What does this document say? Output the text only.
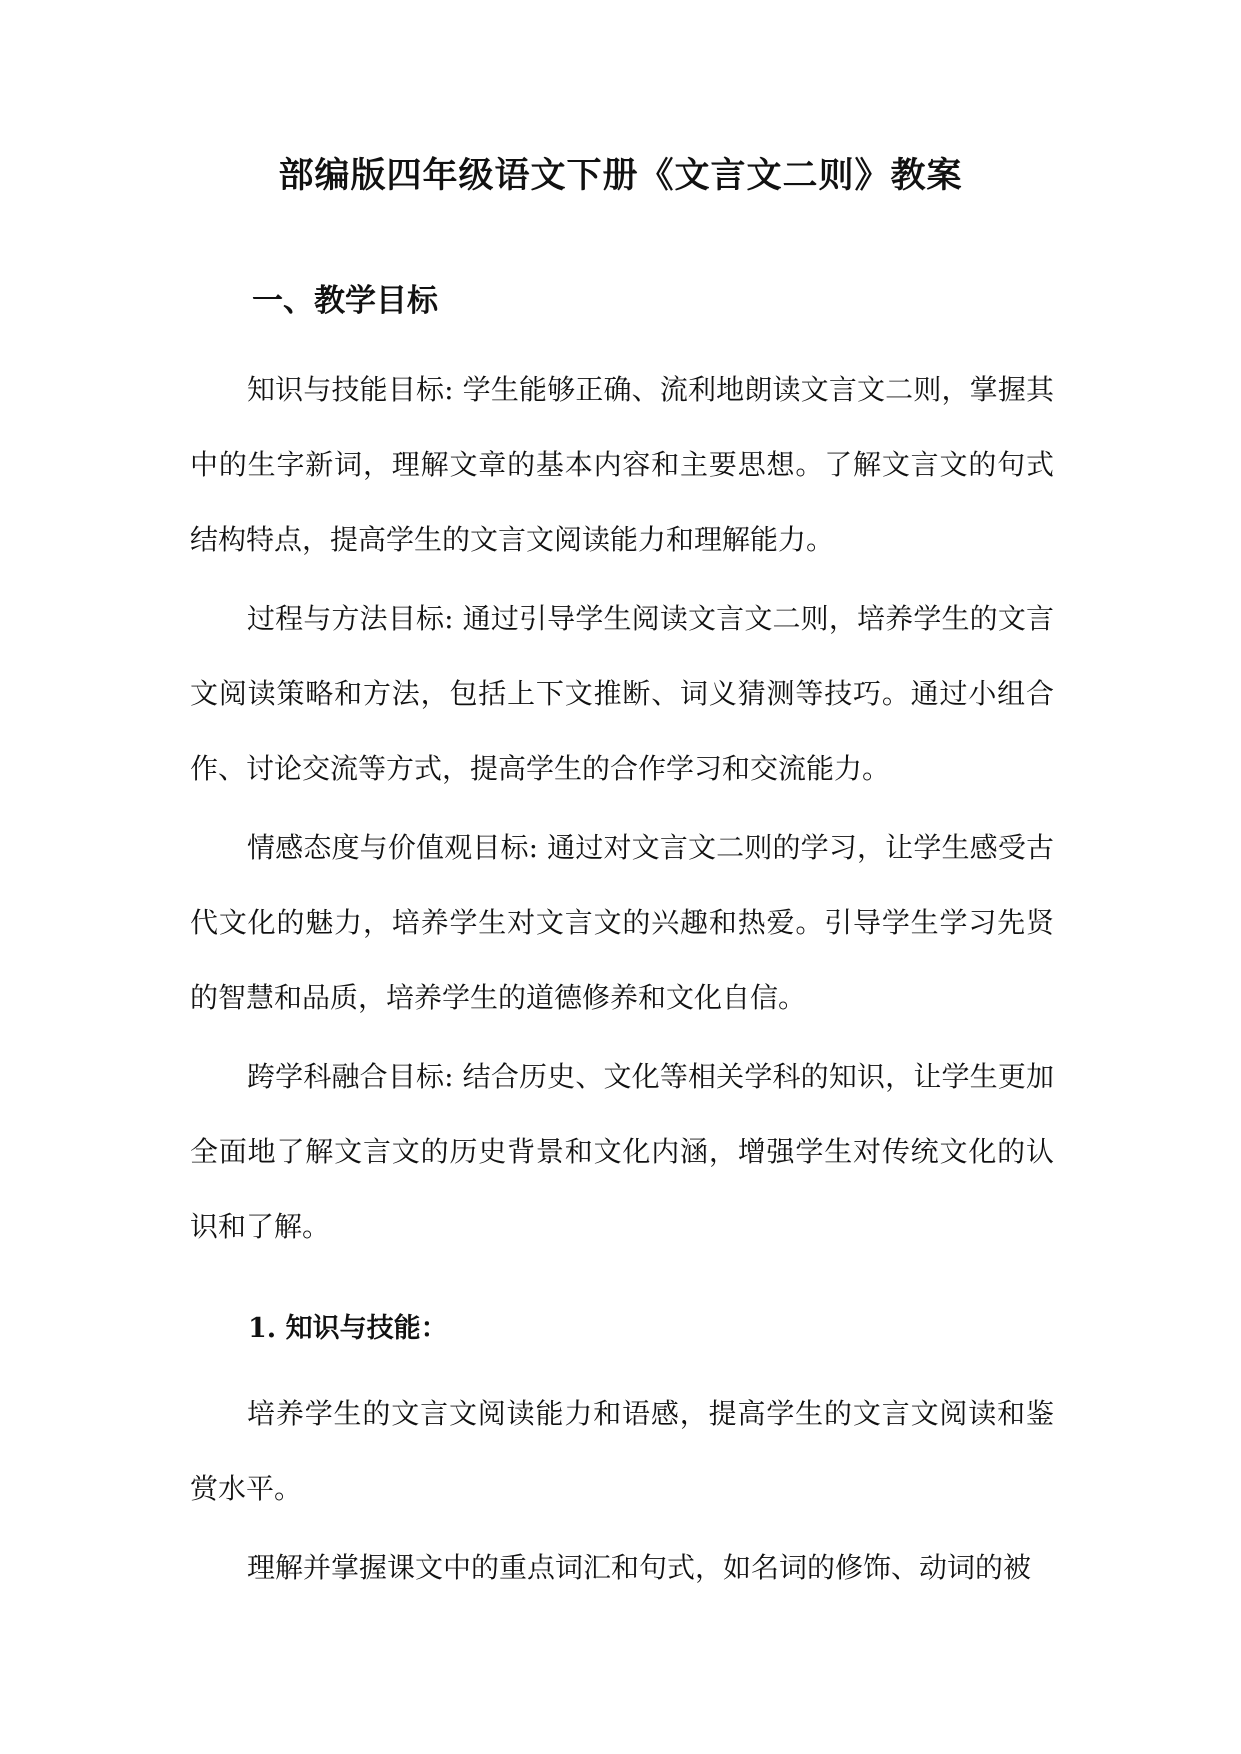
部编版四年级语文下册《文言文二则》教案
一、教学目标

知识与技能目标: 学生能够正确、流利地朗读文言文二则，掌握其中的生字新词，理解文章的基本内容和主要思想。了解文言文的句式结构特点，提高学生的文言文阅读能力和理解能力。

过程与方法目标: 通过引导学生阅读文言文二则，培养学生的文言文阅读策略和方法，包括上下文推断、词义猜测等技巧。通过小组合作、讨论交流等方式，提高学生的合作学习和交流能力。

情感态度与价值观目标: 通过对文言文二则的学习，让学生感受古代文化的魅力，培养学生对文言文的兴趣和热爱。引导学生学习先贤的智慧和品质，培养学生的道德修养和文化自信。

跨学科融合目标: 结合历史、文化等相关学科的知识，让学生更加全面地了解文言文的历史背景和文化内涵，增强学生对传统文化的认识和了解。

1. 知识与技能：

培养学生的文言文阅读能力和语感，提高学生的文言文阅读和鉴赏水平。

理解并掌握课文中的重点词汇和句式，如名词的修饰、动词的被
